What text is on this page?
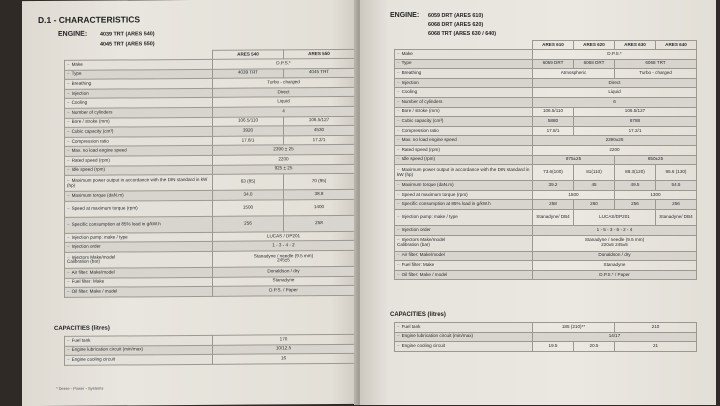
D.1 - CHARACTERISTICS
ENGINE: 4039 TRT (ARES 540)
4045 TRT (ARES 550)
	ARES 540	ARES 550
– Make	D.P.S.*	
– Type	4039 TRT	4045 TRT
– Breathing	Turbo - charged	
– Injection	Direct	
– Cooling	Liquid	
– Number of cylinders	4	
– Bore / stroke (mm)	106.5/110	106.5/127
– Cubic capacity (cm³)	3920	4530
– Compression ratio	17.8/1	17.2/1
– Max. no load engine speed	2390 ± 25	
– Rated speed (rpm)	2200	
– Idle speed (rpm)	925 ± 25	
– Maximum power output in accordance with the DIN standard in kW (hp)	63 (85)	70 (95)
– Maximum torque (daN.m)	34.0	38.8
– Speed at maximum torque (rpm)	1500	1400
– Specific consumption at 85% load in g/kW.h	256	258
– Injection pump: make / type	LUCAS / DP201	
– Injection order	1 - 3 - 4 - 2	
– Injectors Make/model
Calibration (bar)	Stanadyne / needle (9.5 mm)
245±5	
– Air filter: Make/model	Donaldson / dry	
– Fuel filter: Make	Stanadyne	
– Oil filter: Make / model	D.P.S. / Paper	
CAPACITIES (litres)
– Fuel tank	170
– Engine lubrication circuit (min/max)	10/12.5
– Engine cooling circuit	16
* Deere - Power - Systems
ENGINE: 6059 DRT (ARES 610)
6068 DRT (ARES 620)
6068 TRT (ARES 630 / 640)
	ARES 610	ARES 620	ARES 630	ARES 640
– Make	D.P.S.*			
– Type	6059 DRT	6068 DRT	6068 TRT	
– Breathing	Atmospheric		Turbo - charged	
– Injection	Direct			
– Cooling	Liquid			
– Number of cylinders	6			
– Bore / stroke (mm)	106.5/110	106.5/127		
– Cubic capacity (cm³)	5880	6788		
– Compression ratio	17.8/1	17.2/1		
– Max. no load engine speed	2390±25			
– Rated speed (rpm)	2200			
– Idle speed (rpm)	875±25		850±25	
– Maximum power output in accordance with the DIN standard in kW (hp)	73.6(100)	81(110)	88.3(120)	95.6 (130)
– Maximum torque (daN.m)	39.2	45	49.5	54.5
– Speed at maximum torque (rpm)	1500		1300	
– Specific consumption at 85% load in g/kW.h	258	260	256	256
– Injection pump: make / type	Stanadyne/ DB4	LUCAS/DP201		Stanadyne/ DB4
– Injection order	1 - 5 - 3 - 6 - 2 - 4			
– Injectors Make/model
Calibration (bar)	Stanadyne / needle (9.5 mm)
220±5 245±5			
– Air filter: Make/model	Donaldson / dry			
– Fuel filter: Make	Stanadyne			
– Oil filter: Make / model	D.P.S.* / Paper			
CAPACITIES (litres)
– Fuel tank	185 (210)**		210
– Engine lubrication circuit (min/max)	14/17		
– Engine cooling circuit	19.5	20.5	21
